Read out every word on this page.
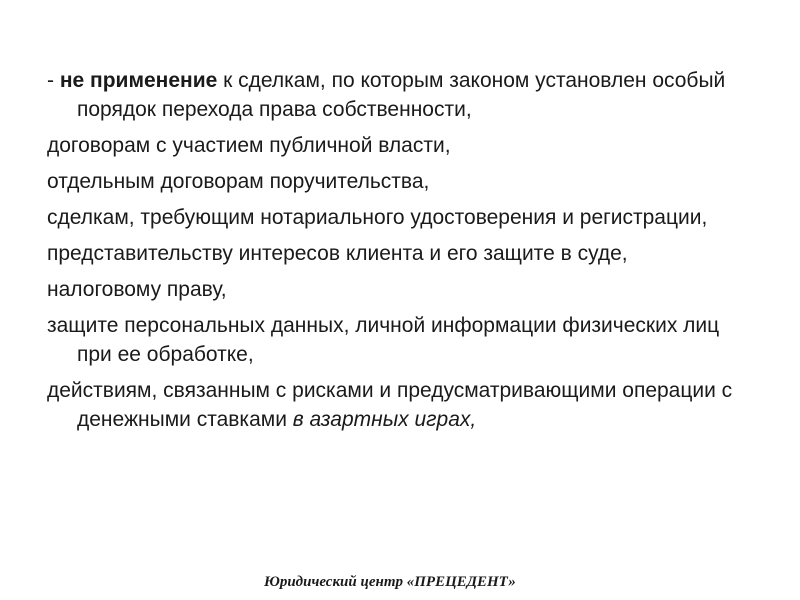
- не применение к сделкам, по которым законом установлен особый порядок перехода права собственности,

договорам с участием публичной власти,

отдельным договорам поручительства,

сделкам, требующим нотариального удостоверения и регистрации,

представительству интересов клиента и его защите в суде,

налоговому праву,

защите персональных данных, личной информации физических лиц при ее обработке,

действиям, связанным с рисками и предусматривающими операции с денежными ставками в азартных играх,

Юридический центр «ПРЕЦЕДЕНТ»
